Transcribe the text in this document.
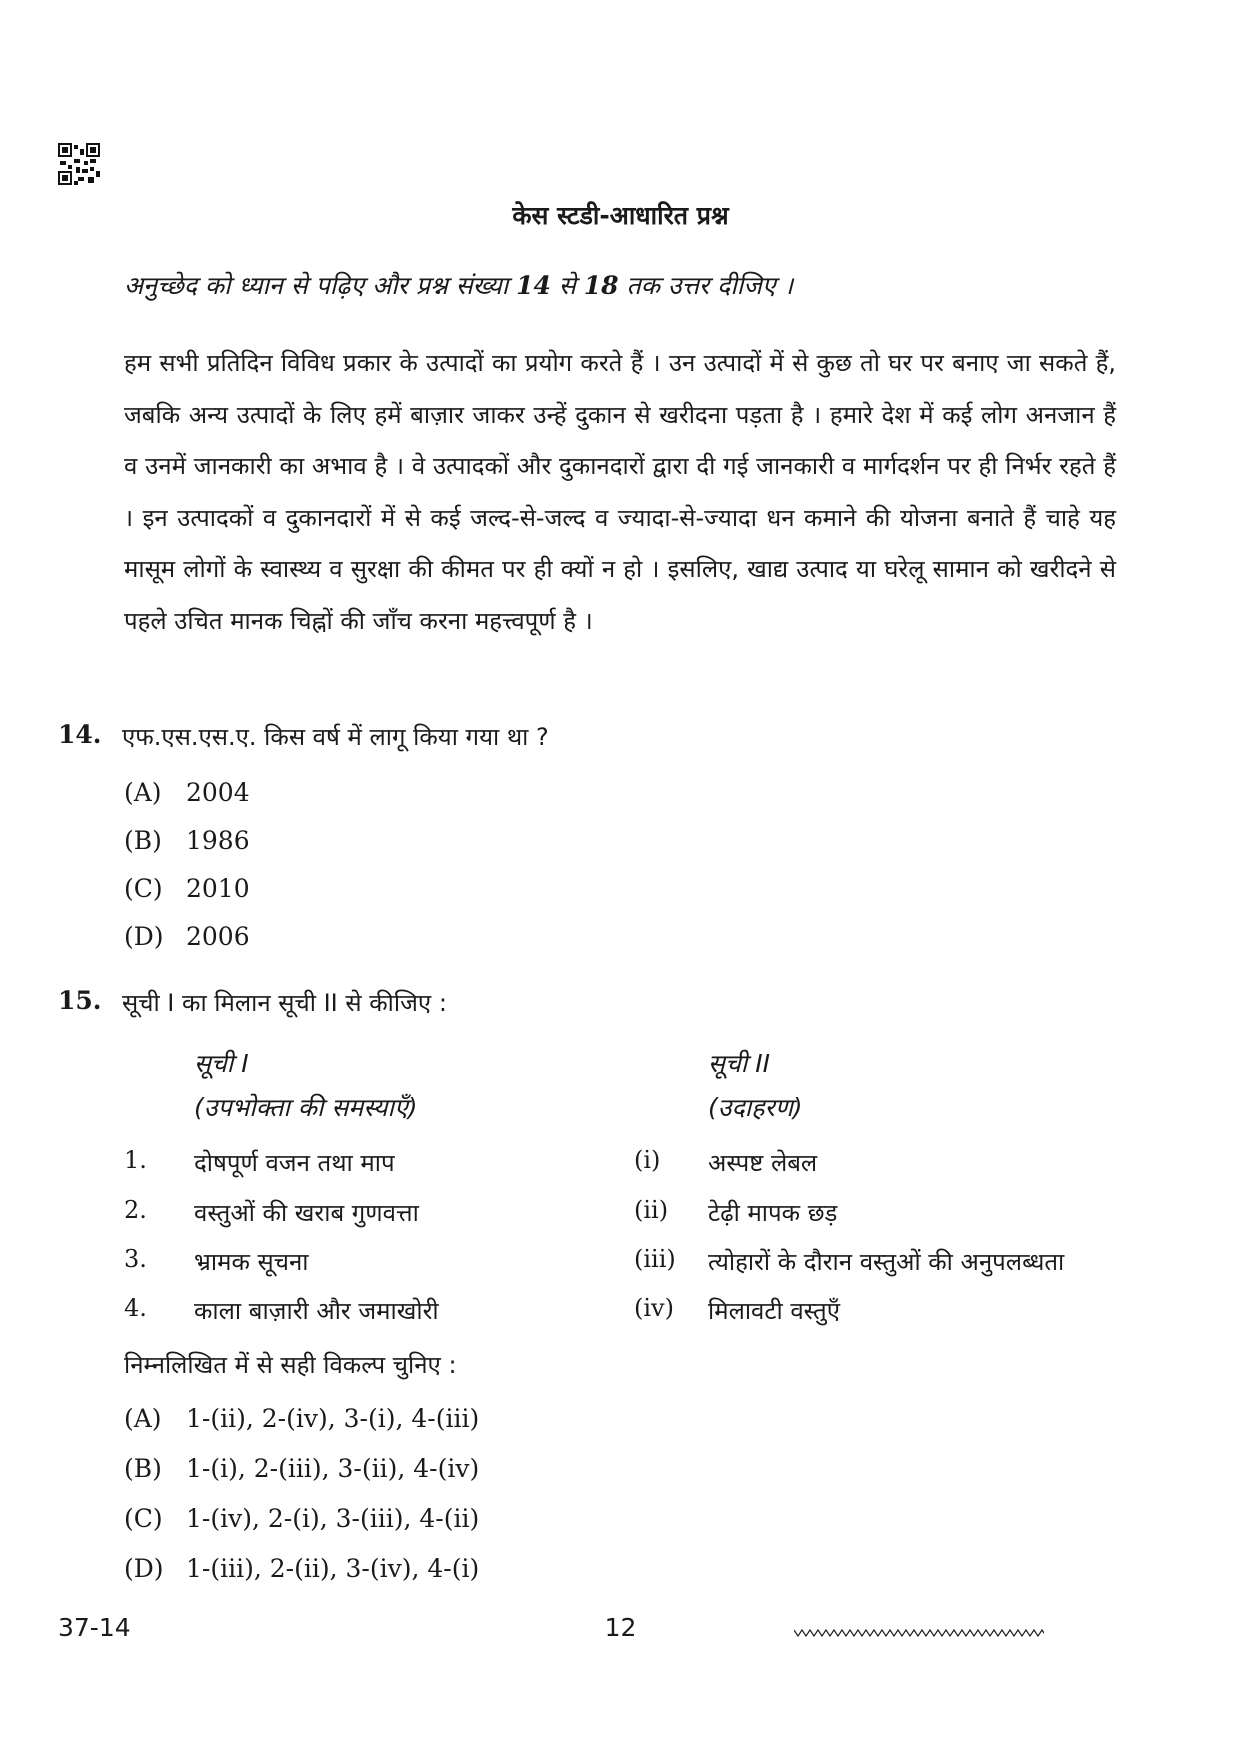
केस स्टडी-आधारित प्रश्न
अनुच्छेद को ध्यान से पढ़िए और प्रश्न संख्या 14 से 18 तक उत्तर दीजिए ।
हम सभी प्रतिदिन विविध प्रकार के उत्पादों का प्रयोग करते हैं । उन उत्पादों में से कुछ तो घर पर बनाए जा सकते हैं, जबकि अन्य उत्पादों के लिए हमें बाज़ार जाकर उन्हें दुकान से खरीदना पड़ता है । हमारे देश में कई लोग अनजान हैं व उनमें जानकारी का अभाव है । वे उत्पादकों और दुकानदारों द्वारा दी गई जानकारी व मार्गदर्शन पर ही निर्भर रहते हैं । इन उत्पादकों व दुकानदारों में से कई जल्द-से-जल्द व ज्यादा-से-ज्यादा धन कमाने की योजना बनाते हैं चाहे यह मासूम लोगों के स्वास्थ्य व सुरक्षा की कीमत पर ही क्यों न हो । इसलिए, खाद्य उत्पाद या घरेलू सामान को खरीदने से पहले उचित मानक चिह्नों की जाँच करना महत्त्वपूर्ण है ।
14. एफ.एस.एस.ए. किस वर्ष में लागू किया गया था ?
(A) 2004
(B) 1986
(C) 2010
(D) 2006
15. सूची I का मिलान सूची II से कीजिए :
सूची I
(उपभोक्ता की समस्याएँ)
सूची II
(उदाहरण)
1. दोषपूर्ण वजन तथा माप	(i) अस्पष्ट लेबल
2. वस्तुओं की खराब गुणवत्ता	(ii) टेढ़ी मापक छड़
3. भ्रामक सूचना	(iii) त्योहारों के दौरान वस्तुओं की अनुपलब्धता
4. काला बाज़ारी और जमाखोरी	(iv) मिलावटी वस्तुएँ
निम्नलिखित में से सही विकल्प चुनिए :
(A) 1-(ii), 2-(iv), 3-(i), 4-(iii)
(B) 1-(i), 2-(iii), 3-(ii), 4-(iv)
(C) 1-(iv), 2-(i), 3-(iii), 4-(ii)
(D) 1-(iii), 2-(ii), 3-(iv), 4-(i)
37-14	12
